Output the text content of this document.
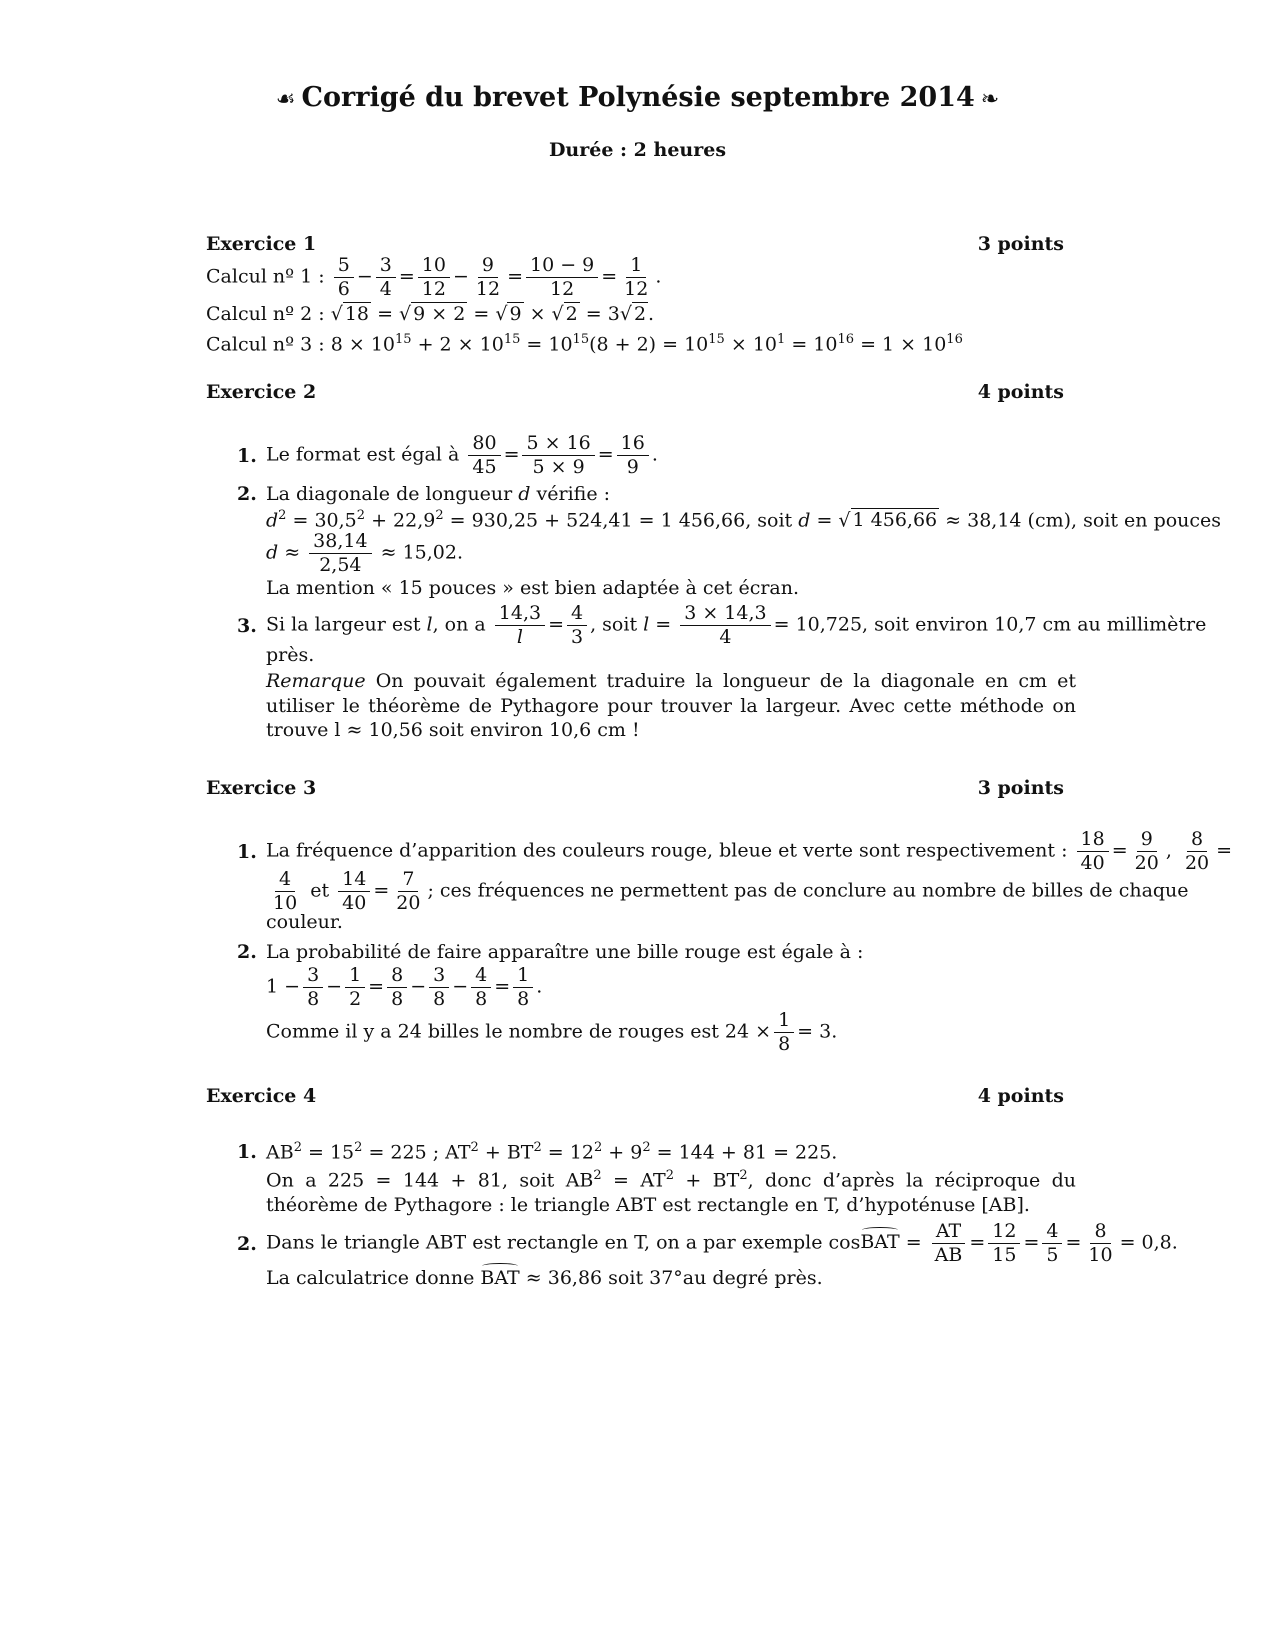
☙ Corrigé du brevet Polynésie septembre 2014 ❧
Durée : 2 heures
Exercice 1	3 points
Calcul nº 1 : $\frac{5}{6} - \frac{3}{4} = \frac{10}{12} - \frac{9}{12} = \frac{10 - 9}{12} = \frac{1}{12}$ .
Calcul nº 2 : √ 18 = √ 9 × 2 = √ 9 × √ 2 = 3√ 2 .
Calcul nº 3 : $8 \times 10^{15} + 2 \times 10^{15} = 10^{15}(8 + 2) = 10^{15} \times 10^1 = 10^{16} = 1 \times 10^{16}$
Exercice 2	4 points
1. Le format est égal à $\frac{80}{45} = \frac{5 \times 16}{5 \times 9} = \frac{16}{9}$ .
2. La diagonale de longueur d vérifie :
$d^2 = 30,5^2 + 22,9^2 = 930,25 + 524,41 = 1$ 456,66, soit d = √ 1 456,66 ≈ 38,14 (cm), soit en pouces
$d \approx \frac{38,14}{2,54} \approx 15,02$.
La mention « 15 pouces » est bien adaptée à cet écran.
3. Si la largeur est l, on a $\frac{14,3}{l} = \frac{4}{3}$ , soit $l = \frac{3 \times 14,3}{4} = 10,725$, soit environ 10,7 cm au millimètre
près.
Remarque On pouvait également traduire la longueur de la diagonale en cm et utiliser le théorème de Pythagore pour trouver la largeur. Avec cette méthode on trouve l ≈ 10,56 soit environ 10,6 cm !
Exercice 3	3 points
1. La fréquence d’apparition des couleurs rouge, bleue et verte sont respectivement : $\frac{18}{40} = \frac{9}{20}$ , $\frac{8}{20}$ =
$\frac{4}{10}$ et $\frac{14}{40} = \frac{7}{20}$ ; ces fréquences ne permettent pas de conclure au nombre de billes de chaque
couleur.
2. La probabilité de faire apparaître une bille rouge est égale à :
$1 - \frac{3}{8} - \frac{1}{2} = \frac{8}{8} - \frac{3}{8} - \frac{4}{8} = \frac{1}{8}$ .
Comme il y a 24 billes le nombre de rouges est $24 \times \frac{1}{8} = 3$.
Exercice 4	4 points
1. $AB^2 = 15^2 = 225$ ; $AT^2 + BT^2 = 12^2 + 9^2 = 144 + 81 = 225$.
On a 225 = 144 + 81, soit $AB^2 = AT^2 + BT^2$, donc d’après la réciproque du théorème de Pythagore : le triangle ABT est rectangle en T, d’hypoténuse [AB].
2. Dans le triangle ABT est rectangle en T, on a par exemple cosBAT = $\frac{AT}{AB} = \frac{12}{15} = \frac{4}{5} = \frac{8}{10} = 0,8$.
La calculatrice donne BAT ≈ 36,86 soit 37°au degré près.
